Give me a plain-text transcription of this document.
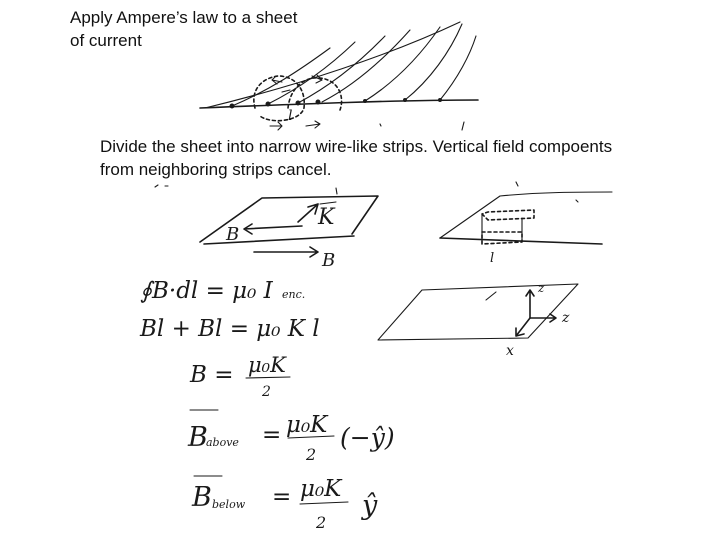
Apply Ampere’s law to a sheet of current
l
K
B
B	l
z
z
x
∮B·dl = μ₀ I enc.
Bl + Bl = μ₀ K l
B = μ₀K
2
B
above = μ₀K
2
(−ŷ)
B below = μ₀K
2
ŷ
Divide the sheet into narrow wire-like strips. Vertical field compoents from neighboring strips cancel.
